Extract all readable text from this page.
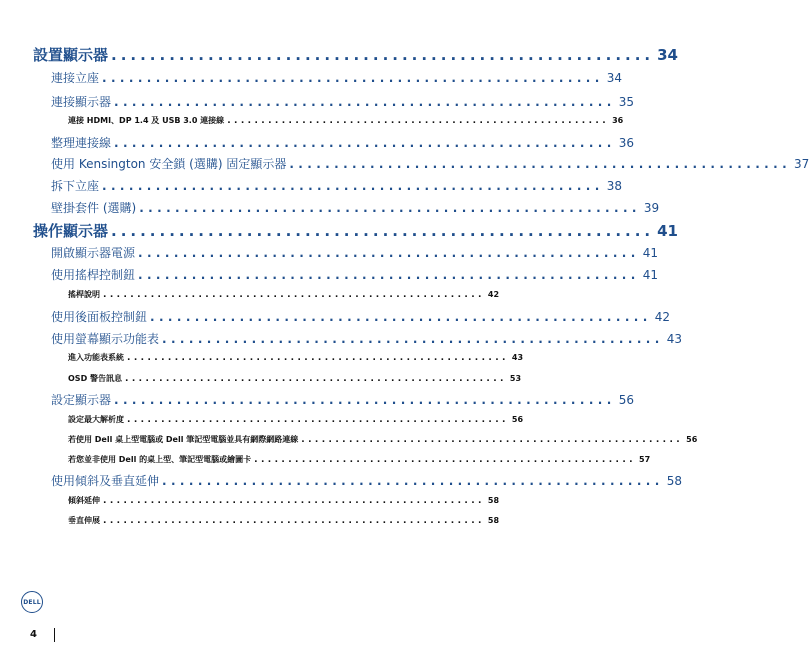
設置顯示器 ........................................................ 34
連接立座 ........................................................ 34
連接顯示器 ........................................................ 35
連接 HDMI、DP 1.4 及 USB 3.0 連接線 ........................................................ 36
整理連接線 ........................................................ 36
使用 Kensington 安全鎖 (選購) 固定顯示器 ........................................................ 37
拆下立座 ........................................................ 38
壁掛套件 (選購) ........................................................ 39
操作顯示器 ........................................................ 41
開啟顯示器電源 ........................................................ 41
使用搖桿控制鈕 ........................................................ 41
搖桿說明 ........................................................ 42
使用後面板控制鈕 ........................................................ 42
使用螢幕顯示功能表 ........................................................ 43
進入功能表系統 ........................................................ 43
OSD 警告訊息 ........................................................ 53
設定顯示器 ........................................................ 56
設定最大解析度 ........................................................ 56
若使用 Dell 桌上型電腦或 Dell 筆記型電腦並具有網際網路連線 ........................................................ 56
若您並非使用 Dell 的桌上型、筆記型電腦或繪圖卡 ........................................................ 57
使用傾斜及垂直延伸 ........................................................ 58
傾斜延伸 ........................................................ 58
垂直伸展 ........................................................ 58
DELL
4
